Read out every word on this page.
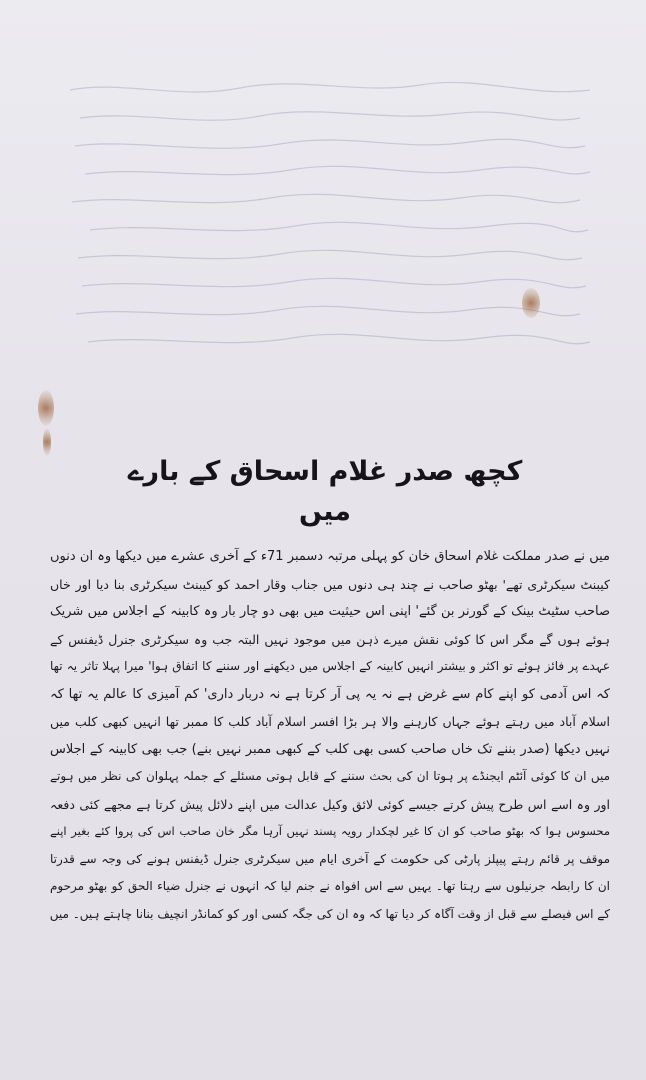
کچھ صدر غلام اسحاق کے بارے میں
میں نے صدر مملکت غلام اسحاق خان کو پہلی مرتبہ دسمبر 71ء کے آخری عشرے میں دیکھا وہ ان دنوں
کیبنٹ سیکرٹری تھے' بھٹو صاحب نے چند ہی دنوں میں جناب وقار احمد کو کیبنٹ سیکرٹری بنا دیا اور خاں
صاحب سٹیٹ بینک کے گورنر بن گئے' اپنی اس حیثیت میں بھی دو چار بار وہ کابینہ کے اجلاس میں شریک
ہوئے ہوں گے مگر اس کا کوئی نقش میرے ذہن میں موجود نہیں البتہ جب وہ سیکرٹری جنرل ڈیفنس کے
عہدے پر فائز ہوئے تو اکثر و بیشتر انہیں کابینہ کے اجلاس میں دیکھنے اور سننے کا اتفاق ہوا' میرا پہلا تاثر یہ تھا
کہ اس آدمی کو اپنے کام سے غرض ہے نہ یہ پی آر کرتا ہے نہ دربار داری' کم آمیزی کا عالم یہ تھا کہ
اسلام آباد میں رہتے ہوئے جہاں کارہنے والا ہر بڑا افسر اسلام آباد کلب کا ممبر تھا انہیں کبھی کلب میں
نہیں دیکھا (صدر بننے تک خاں صاحب کسی بھی کلب کے کبھی ممبر نہیں بنے) جب بھی کابینہ کے اجلاس
میں ان کا کوئی آئٹم ایجنڈے پر ہوتا ان کی بحث سننے کے قابل ہوتی مسئلے کے جملہ پہلوان کی نظر میں ہوتے
اور وہ اسے اس طرح پیش کرتے جیسے کوئی لائق وکیل عدالت میں اپنے دلائل پیش کرتا ہے مجھے کئی دفعہ
محسوس ہوا کہ بھٹو صاحب کو ان کا غیر لچکدار رویہ پسند نہیں آرہا مگر خان صاحب اس کی پروا کئے بغیر اپنے
موقف پر قائم رہتے پیپلز پارٹی کی حکومت کے آخری ایام میں سیکرٹری جنرل ڈیفنس ہونے کی وجہ سے قدرتا
ان کا رابطہ جرنیلوں سے رہتا تھا۔ یہیں سے اس افواہ نے جنم لیا کہ انہوں نے جنرل ضیاء الحق کو بھٹو مرحوم
کے اس فیصلے سے قبل از وقت آگاہ کر دیا تھا کہ وہ ان کی جگہ کسی اور کو کمانڈر انچیف بنانا چاہتے ہیں۔ میں
